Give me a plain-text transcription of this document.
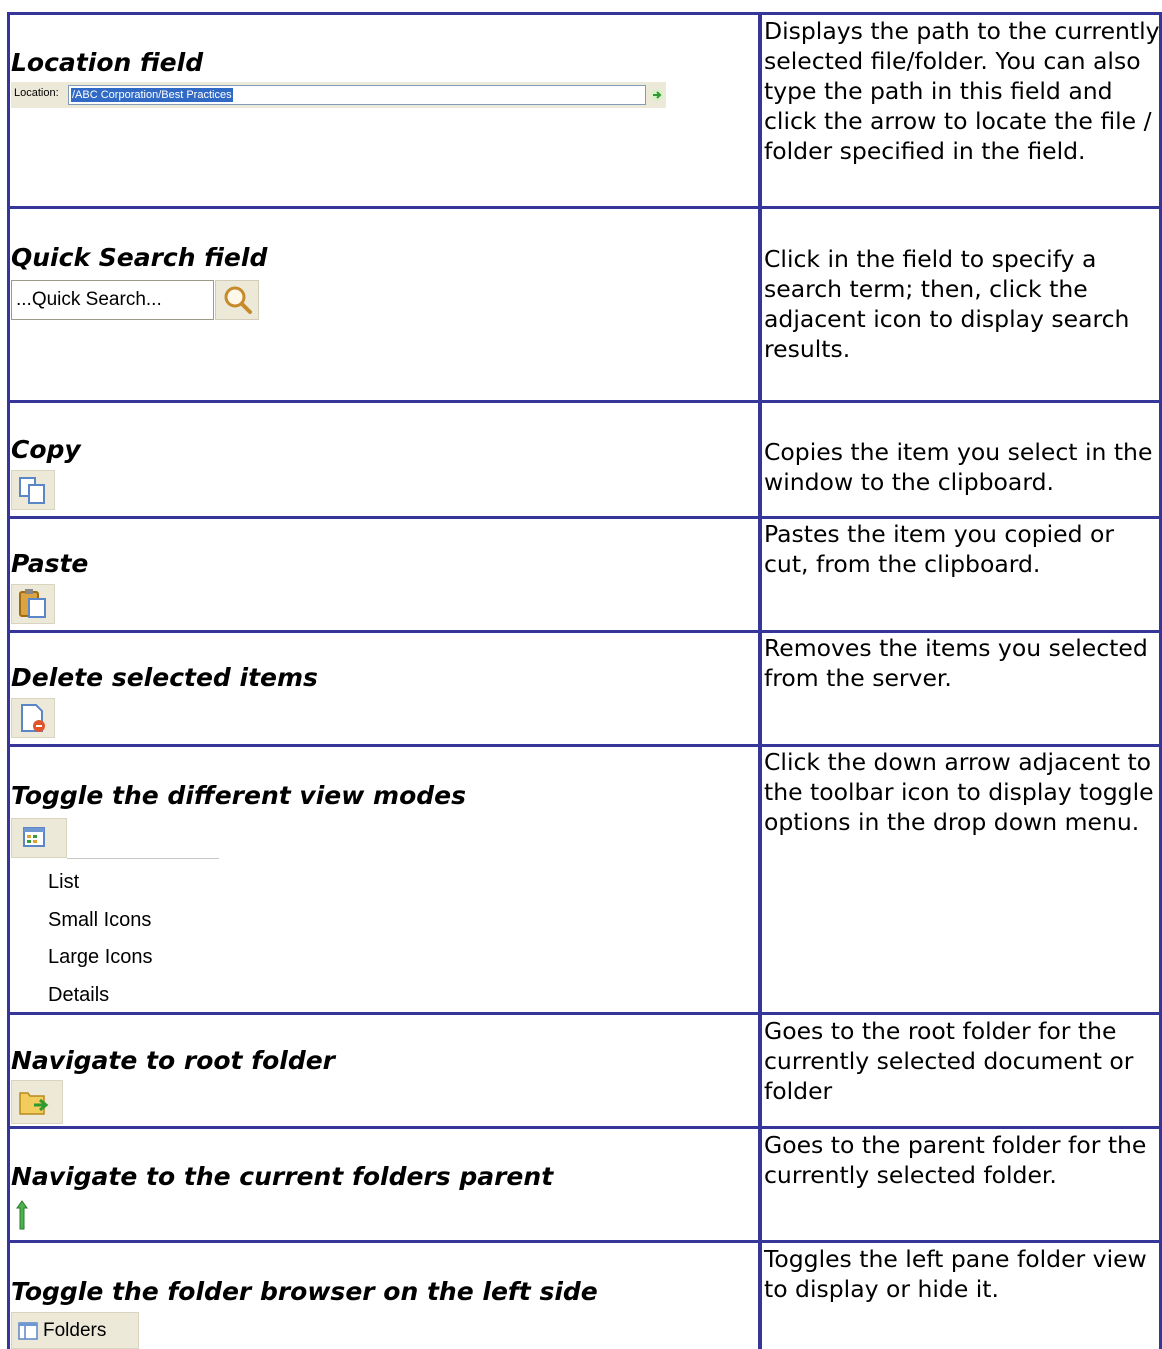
Location field
Location: /ABC Corporation/Best Practices
Displays the path to the currently selected file/folder. You can also type the path in this field and click the arrow to locate the file / folder specified in the field.
Quick Search field
...Quick Search...
Click in the field to specify a search term; then, click the adjacent icon to display search results.
Copy	Copies the item you select in the window to the clipboard.
Paste
Pastes the item you copied or cut, from the clipboard.
Delete selected items
Removes the items you selected from the server.
Toggle the different view modes
List
Small Icons
Large Icons
Details
Click the down arrow adjacent to the toolbar icon to display toggle options in the drop down menu.
Navigate to root folder
Goes to the root folder for the currently selected document or folder
Navigate to the current folders parent
Goes to the parent folder for the currently selected folder.
Toggle the folder browser on the left side
Folders
Toggles the left pane folder view to display or hide it.
